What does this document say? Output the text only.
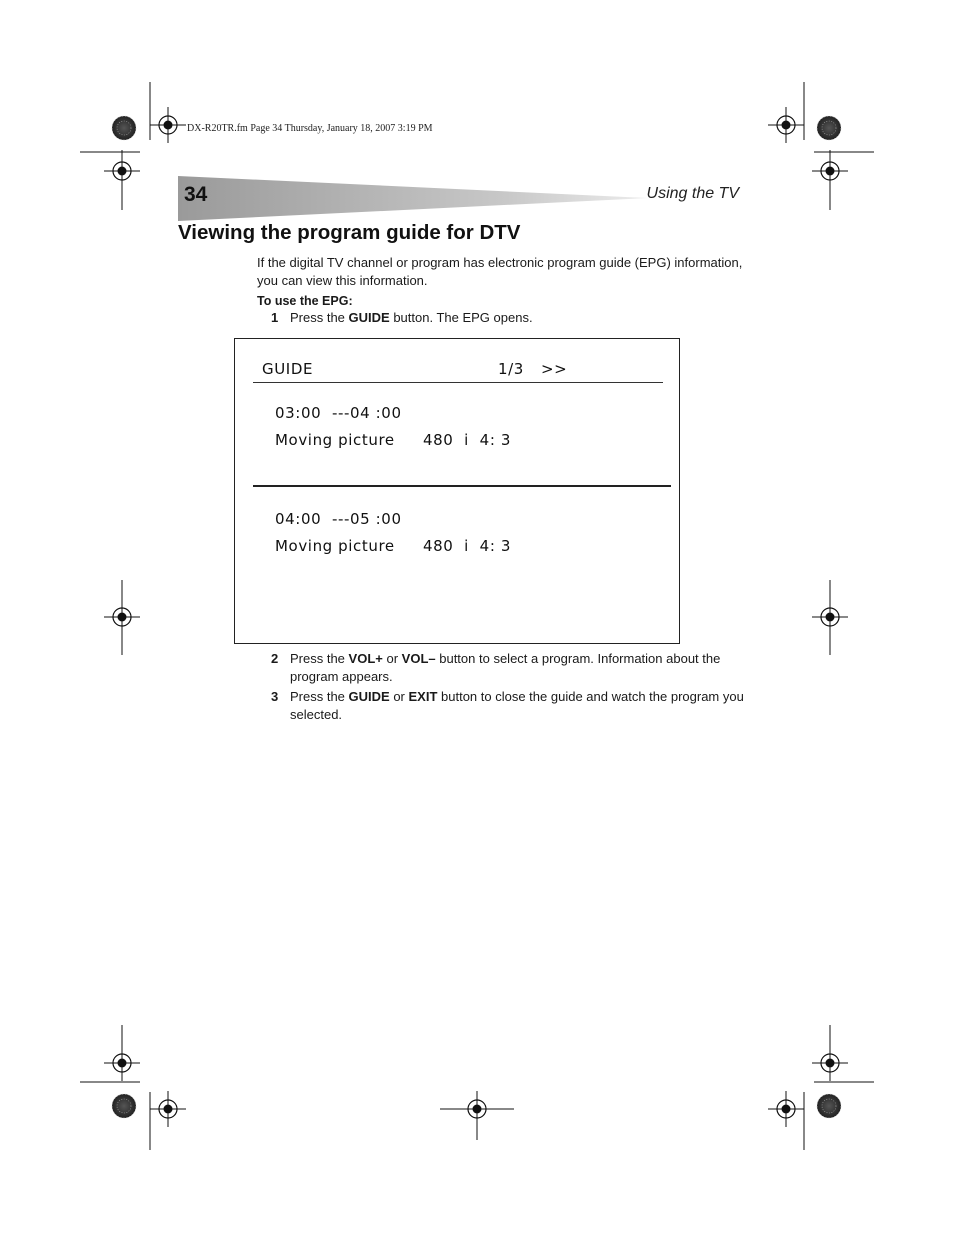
DX-R20TR.fm Page 34 Thursday, January 18, 2007 3:19 PM
34	Using the TV
Viewing the program guide for DTV
If the digital TV channel or program has electronic program guide (EPG) information, you can view this information.
To use the EPG:
1 Press the GUIDE button. The EPG opens.
GUIDE	1/3 >>
03:00  ---04 :00
Moving picture 480  i  4: 3
04:00  ---05 :00
Moving picture 480  i  4: 3
2 Press the VOL+ or VOL– button to select a program. Information about the program appears.
3 Press the GUIDE or EXIT button to close the guide and watch the program you selected.
